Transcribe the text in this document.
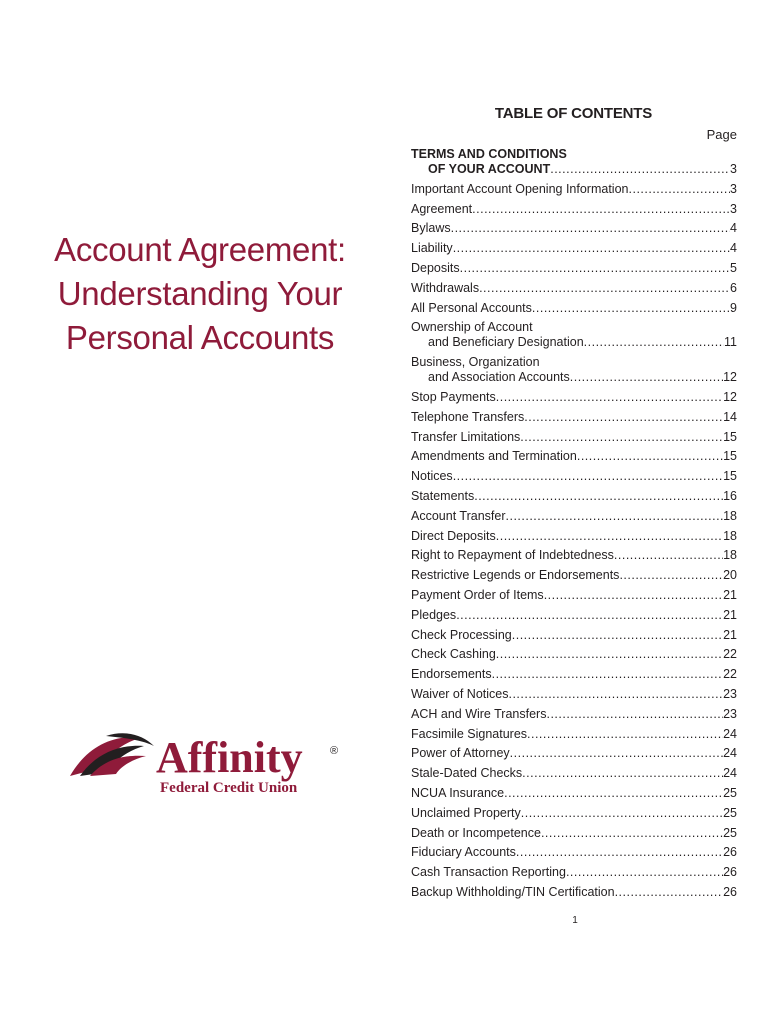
Account Agreement:
Understanding Your
Personal Accounts
Affinity ®
Federal Credit Union
TABLE OF CONTENTS
Page
TERMS AND CONDITIONS
OF YOUR ACCOUNT .....	3
Important Account Opening Information .....	3
Agreement .....	3
Bylaws .....	4
Liability .....	4
Deposits .....	5
Withdrawals .....	6
All Personal Accounts .....	9
Ownership of Account
and Beneficiary Designation .....	11
Business, Organization
and Association Accounts .....	12
Stop Payments .....	12
Telephone Transfers .....	14
Transfer Limitations .....	15
Amendments and Termination .....	15
Notices .....	15
Statements .....	16
Account Transfer .....	18
Direct Deposits .....	18
Right to Repayment of Indebtedness .....	18
Restrictive Legends or Endorsements .....	20
Payment Order of Items .....	21
Pledges .....	21
Check Processing .....	21
Check Cashing .....	22
Endorsements .....	22
Waiver of Notices .....	23
ACH and Wire Transfers .....	23
Facsimile Signatures .....	24
Power of Attorney .....	24
Stale-Dated Checks .....	24
NCUA Insurance .....	25
Unclaimed Property .....	25
Death or Incompetence .....	25
Fiduciary Accounts .....	26
Cash Transaction Reporting .....	26
Backup Withholding/TIN Certification .....	26
1
